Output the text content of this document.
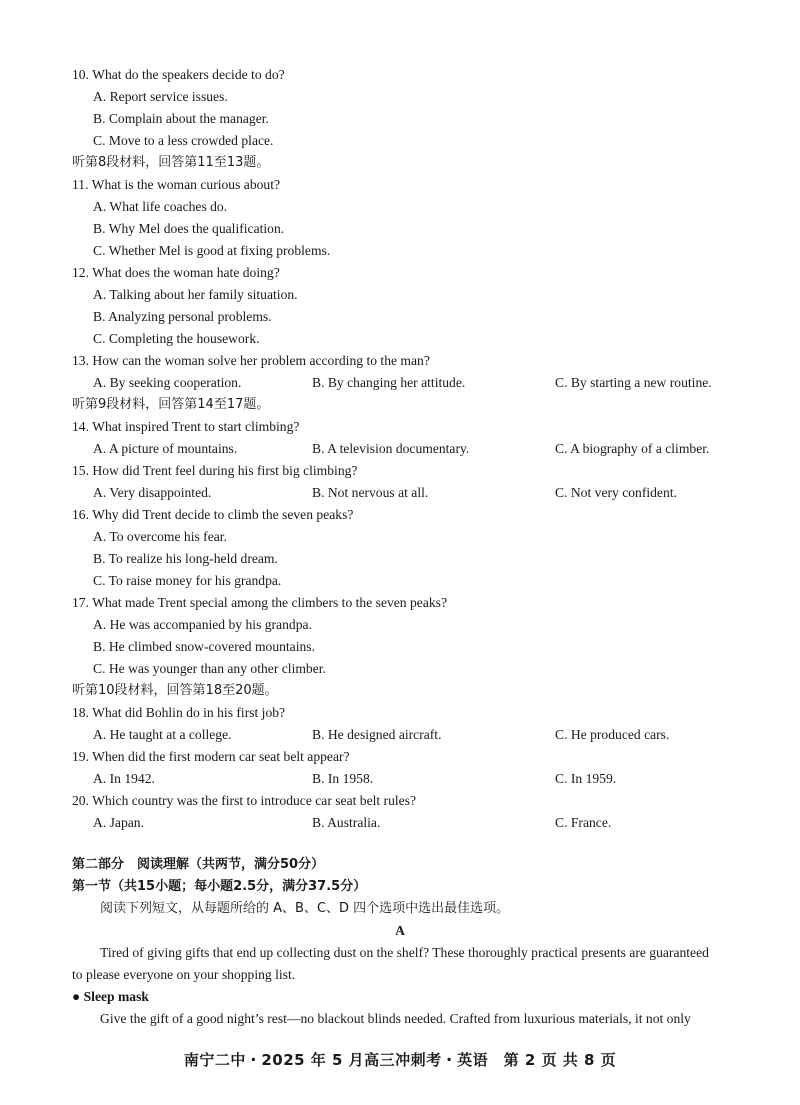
10. What do the speakers decide to do?
A. Report service issues.
B. Complain about the manager.
C. Move to a less crowded place.
听第8段材料，回答第11至13题。
11. What is the woman curious about?
A. What life coaches do.
B. Why Mel does the qualification.
C. Whether Mel is good at fixing problems.
12. What does the woman hate doing?
A. Talking about her family situation.
B. Analyzing personal problems.
C. Completing the housework.
13. How can the woman solve her problem according to the man?
A. By seeking cooperation.	B. By changing her attitude.	C. By starting a new routine.
听第9段材料，回答第14至17题。
14. What inspired Trent to start climbing?
A. A picture of mountains.	B. A television documentary.	C. A biography of a climber.
15. How did Trent feel during his first big climbing?
A. Very disappointed.	B. Not nervous at all.	C. Not very confident.
16. Why did Trent decide to climb the seven peaks?
A. To overcome his fear.
B. To realize his long-held dream.
C. To raise money for his grandpa.
17. What made Trent special among the climbers to the seven peaks?
A. He was accompanied by his grandpa.
B. He climbed snow-covered mountains.
C. He was younger than any other climber.
听第10段材料，回答第18至20题。
18. What did Bohlin do in his first job?
A. He taught at a college.	B. He designed aircraft.	C. He produced cars.
19. When did the first modern car seat belt appear?
A. In 1942.	B. In 1958.	C. In 1959.
20. Which country was the first to introduce car seat belt rules?
A. Japan.	B. Australia.	C. France.
第二部分　阅读理解（共两节，满分50分）
第一节（共15小题；每小题2.5分，满分37.5分）
阅读下列短文，从每题所给的 A、B、C、D 四个选项中选出最佳选项。
A
Tired of giving gifts that end up collecting dust on the shelf? These thoroughly practical presents are guaranteed
to please everyone on your shopping list.
● Sleep mask
Give the gift of a good night’s rest—no blackout blinds needed. Crafted from luxurious materials, it not only
南宁二中・2025 年 5 月高三冲刺考・英语　第 2 页 共 8 页
